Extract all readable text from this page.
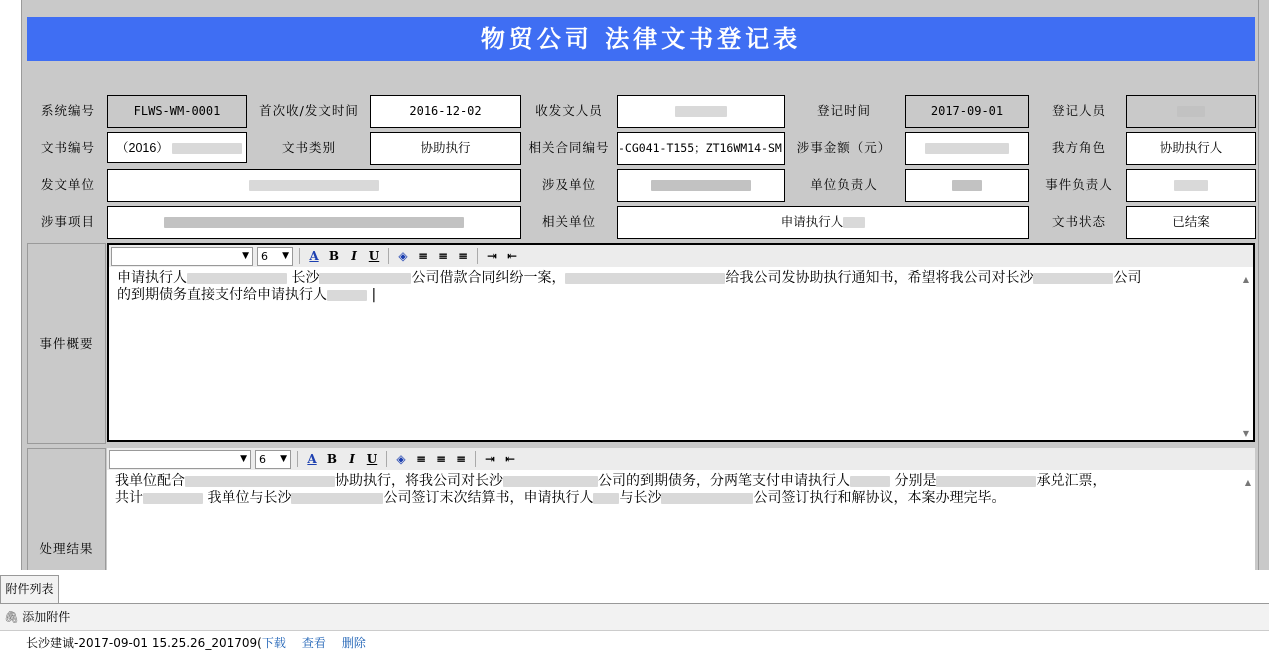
物贸公司 法律文书登记表
系统编号	FLWS-WM-0001	首次收/发文时间	2016-12-02	收发文人员	登记时间	2017-09-01	登记人员
文书编号	（2016）	文书类别	协助执行	相关合同编号 -CG041-T155；ZT16WM14-SM	涉事金额（元）	我方角色	协助执行人
发文单位	涉及单位	单位负责人	事件负责人
涉事项目	相关单位	申请执行人	文书状态	已结案
事件概要
▼ 6 ▼ A B	I U ◈ ≡ ≡ ≡ ⇥ ⇤
申请执行人	长沙	公司借款合同纠纷一案，	给我公司发协助执行通知书，希望将我公司对长沙	公司
的到期债务直接支付给申请执行人	|
▲
▼
处理结果
▼ 6 ▼ A B	I U ◈ ≡ ≡ ≡ ⇥ ⇤
我单位配合	协助执行，将我公司对长沙	公司的到期债务，分两笔支付申请执行人	分别是	承兑汇票，
共计	我单位与长沙	公司签订末次结算书，申请执行人 与长沙	公司签订执行和解协议，本案办理完毕。
▲
附件列表
🖇 添加附件
长沙建诚-2017-09-01 15.25.26_201709(下载 查看 删除
